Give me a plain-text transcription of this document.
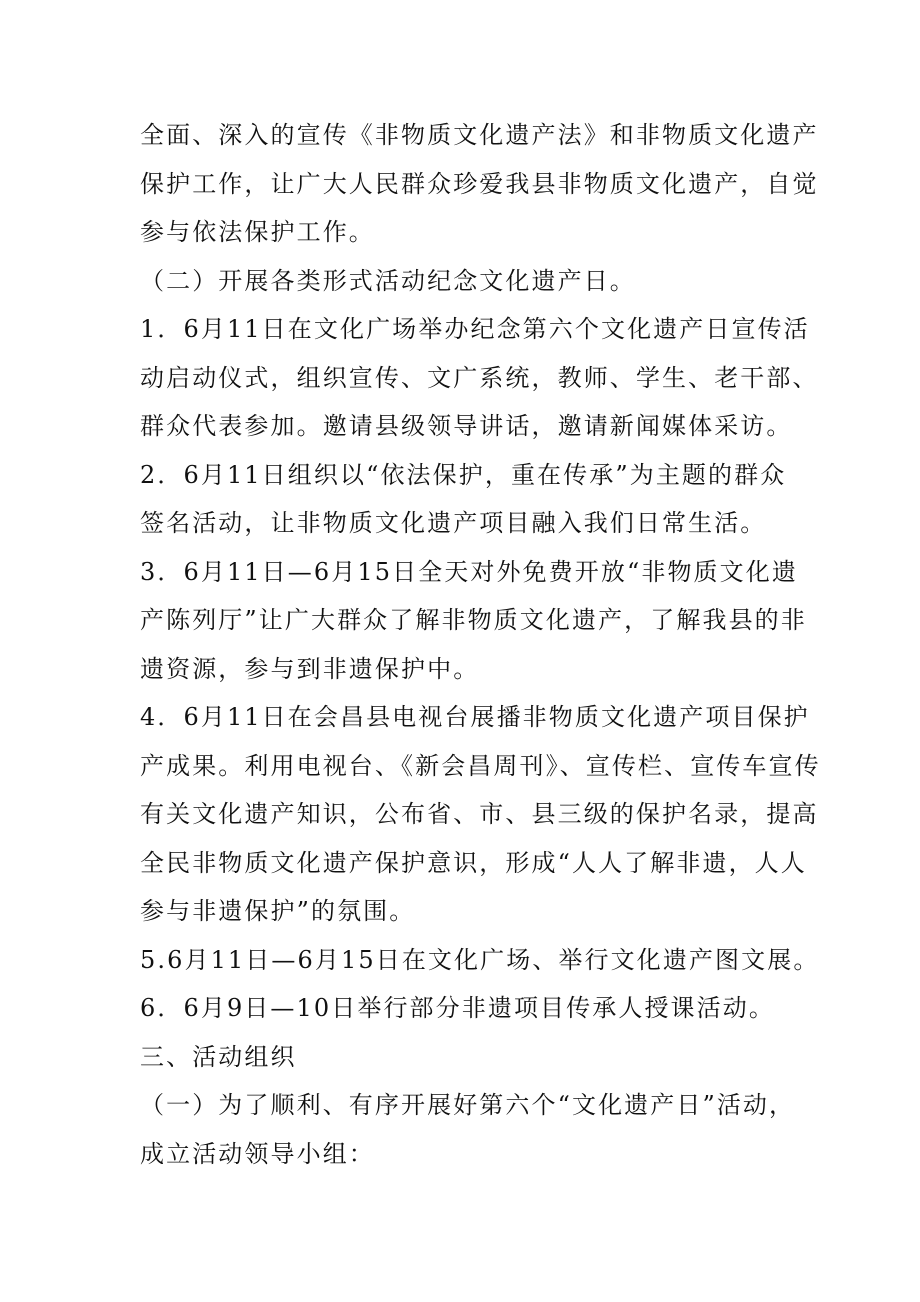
全面、深入的宣传《非物质文化遗产法》和非物质文化遗产
保护工作，让广大人民群众珍爱我县非物质文化遗产，自觉
参与依法保护工作。
（二）开展各类形式活动纪念文化遗产日。
1．6月11日在文化广场举办纪念第六个文化遗产日宣传活
动启动仪式，组织宣传、文广系统，教师、学生、老干部、
群众代表参加。邀请县级领导讲话，邀请新闻媒体采访。
2．6月11日组织以“依法保护，重在传承”为主题的群众
签名活动，让非物质文化遗产项目融入我们日常生活。
3．6月11日—6月15日全天对外免费开放“非物质文化遗
产陈列厅”让广大群众了解非物质文化遗产，了解我县的非
遗资源，参与到非遗保护中。
4．6月11日在会昌县电视台展播非物质文化遗产项目保护
产成果。利用电视台、《新会昌周刊》、宣传栏、宣传车宣传
有关文化遗产知识，公布省、市、县三级的保护名录，提高
全民非物质文化遗产保护意识，形成“人人了解非遗，人人
参与非遗保护”的氛围。
5.6月11日—6月15日在文化广场、举行文化遗产图文展。
6．6月9日—10日举行部分非遗项目传承人授课活动。
三、活动组织
（一）为了顺利、有序开展好第六个“文化遗产日”活动，
成立活动领导小组：
